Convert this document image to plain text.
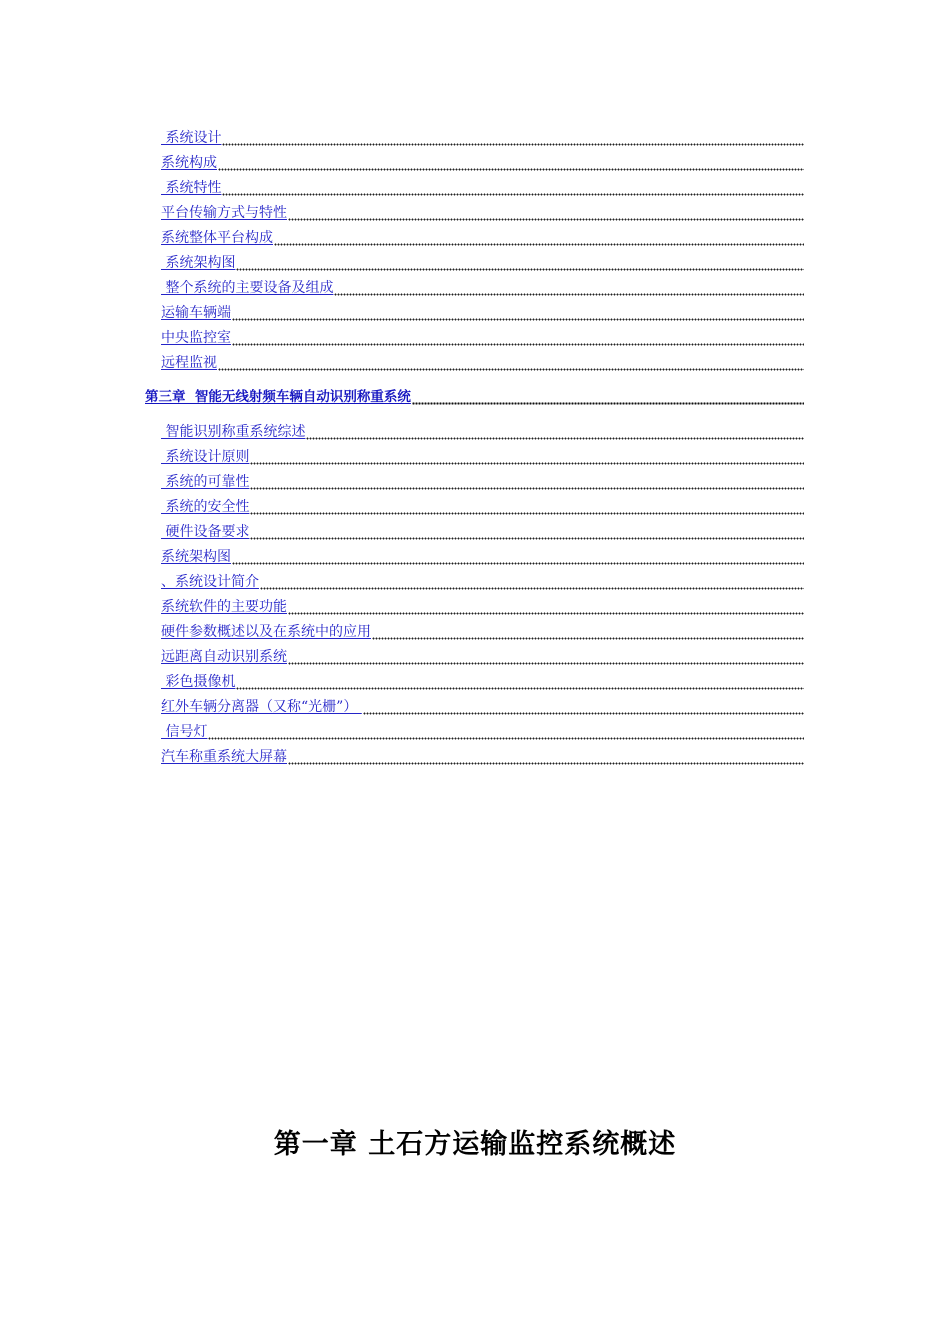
系统设计
系统构成
系统特性
平台传输方式与特性
系统整体平台构成
系统架构图
整个系统的主要设备及组成
运输车辆端
中央监控室
远程监视
第三章  智能无线射频车辆自动识别称重系统
智能识别称重系统综述
系统设计原则
系统的可靠性
系统的安全性
硬件设备要求
系统架构图
、系统设计简介
系统软件的主要功能
硬件参数概述以及在系统中的应用
远距离自动识别系统
彩色摄像机
红外车辆分离器（又称“光栅”）
信号灯
汽车称重系统大屏幕
第一章 土石方运输监控系统概述
